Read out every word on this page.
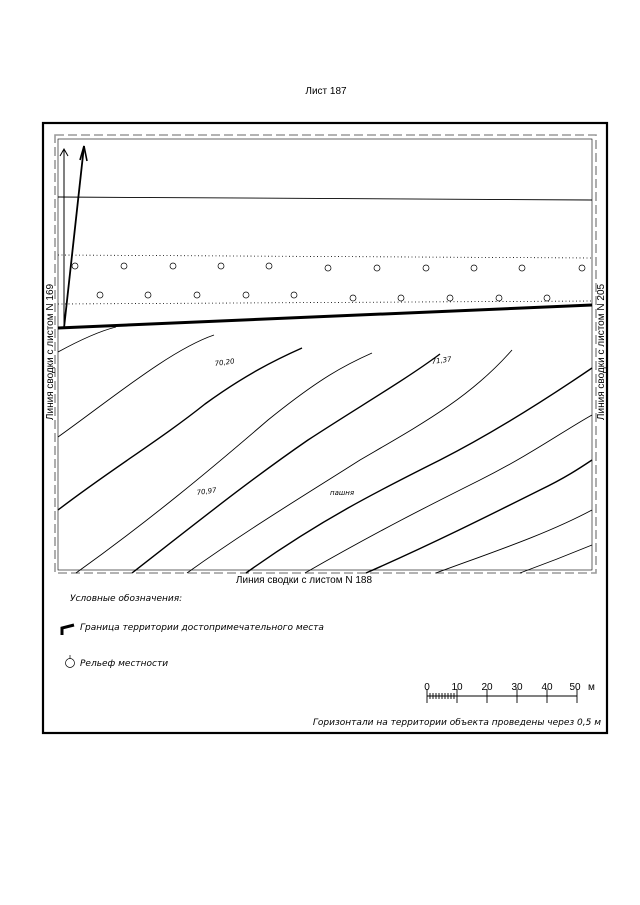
Лист 187
70,20	71,37
70,97	пашня
Линия сводки с листом N 169	Линия сводки с листом N 205
Линия сводки с листом N 188
Условные обозначения:
Граница территории достопримечательного места
Рельеф местности
0 10 20 30 40 50 м
Горизонтали на территории объекта проведены через 0,5 м
